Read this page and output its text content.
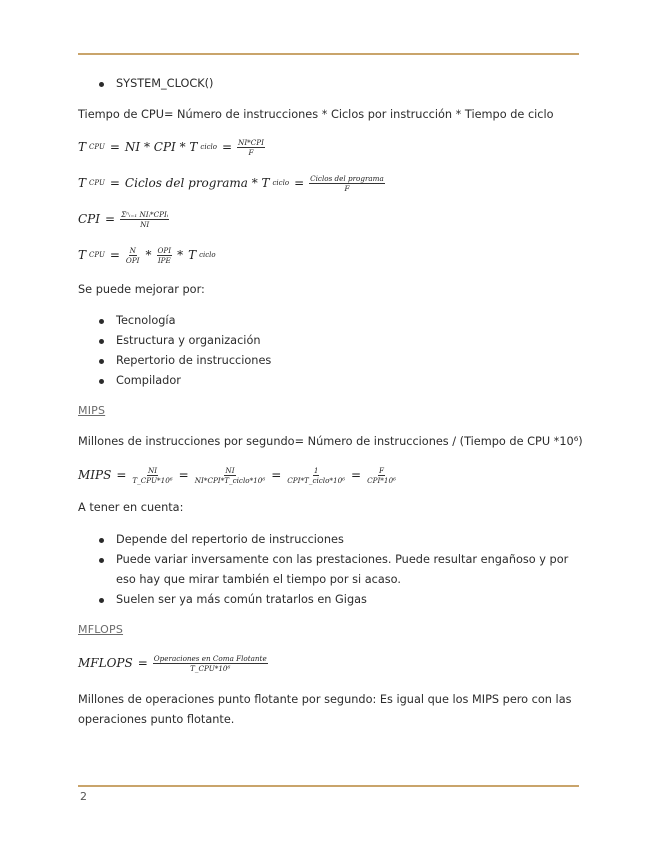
SYSTEM_CLOCK()

Tiempo de CPU= Número de instrucciones * Ciclos por instrucción * Tiempo de ciclo

T CPU = NI * CPI * T ciclo = $\frac{\text{NI*CPI}}{F}$
T CPU = Ciclos del programa * T ciclo = $\frac{\text{Ciclos del programa}}{F}$
CPI = $\frac{\text{Σⁿᵢ₌₁ NIᵢ*CPIᵢ}}{NI}$
T CPU = $\frac{N}{\text{OPI}} * \frac{\text{OPI}}{\text{IPE}}$ * T ciclo

Se puede mejorar por:

Tecnología
Estructura y organización
Repertorio de instrucciones
Compilador

MIPS

Millones de instrucciones por segundo= Número de instrucciones / (Tiempo de CPU *10⁶)

MIPS = $\frac{NI}{\text{T\_CPU*10⁶}} = \frac{NI}{\text{NI*CPI*T\_ciclo*10⁶}} = \frac{1}{\text{CPI*T\_ciclo*10⁶}} = \frac{F}{\text{CPI*10⁶}}$

A tener en cuenta:

Depende del repertorio de instrucciones
Puede variar inversamente con las prestaciones. Puede resultar engañoso y por eso hay que mirar también el tiempo por si acaso.
Suelen ser ya más común tratarlos en Gigas

MFLOPS

MFLOPS = $\frac{\text{Operaciones en Coma Flotante}}{\text{T\_CPU*10⁶}}$

Millones de operaciones punto flotante por segundo: Es igual que los MIPS pero con las operaciones punto flotante.

2
